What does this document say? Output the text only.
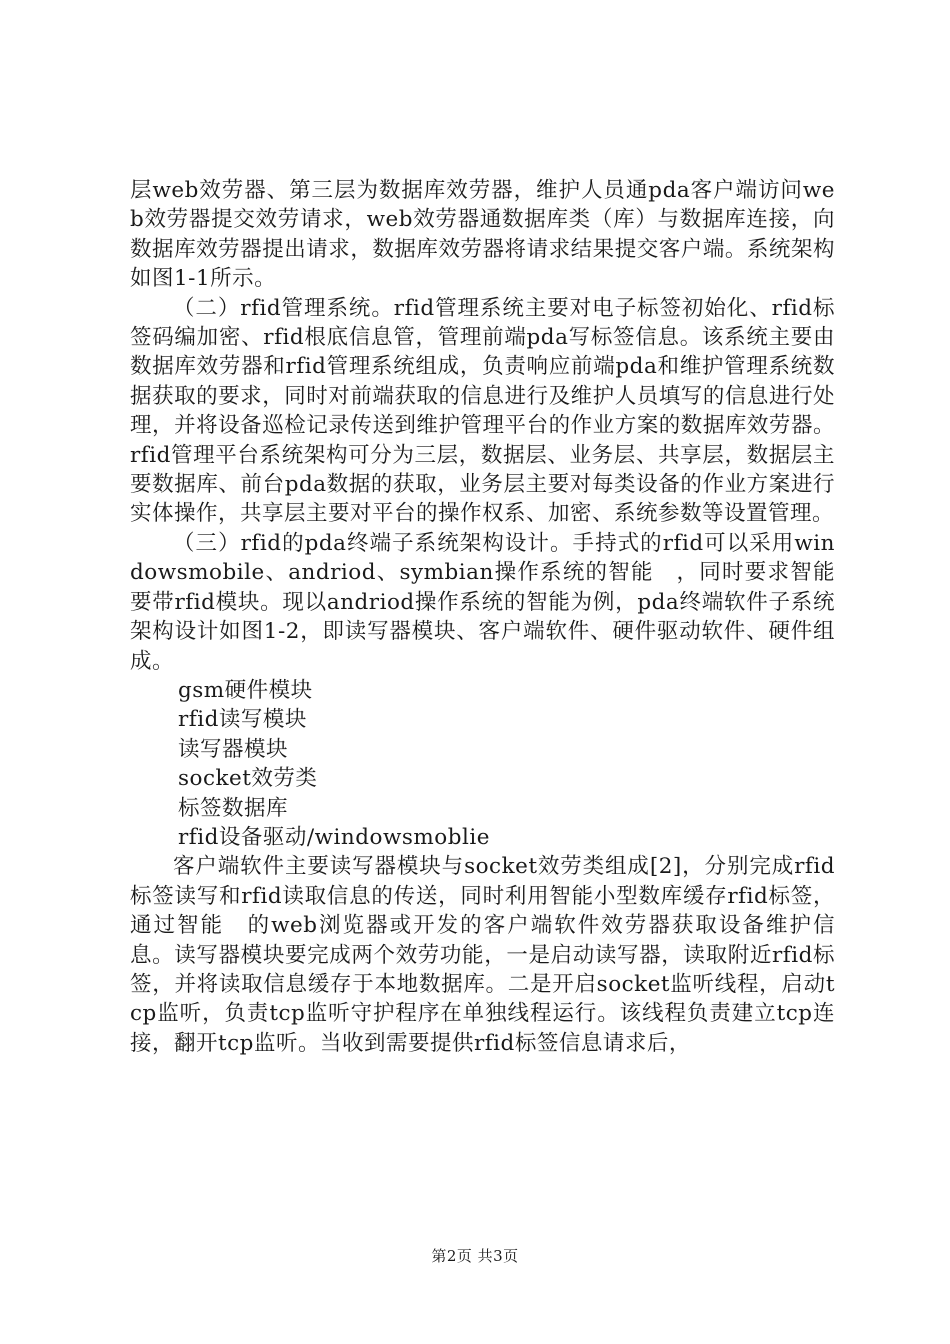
层web效劳器、第三层为数据库效劳器，维护人员通pda客户端访问web效劳器提交效劳请求，web效劳器通数据库类（库）与数据库连接，向数据库效劳器提出请求，数据库效劳器将请求结果提交客户端。系统架构如图1-1所示。

（二）rfid管理系统。rfid管理系统主要对电子标签初始化、rfid标签码编加密、rfid根底信息管，管理前端pda写标签信息。该系统主要由数据库效劳器和rfid管理系统组成，负责响应前端pda和维护管理系统数据获取的要求，同时对前端获取的信息进行及维护人员填写的信息进行处理，并将设备巡检记录传送到维护管理平台的作业方案的数据库效劳器。rfid管理平台系统架构可分为三层，数据层、业务层、共享层，数据层主要数据库、前台pda数据的获取，业务层主要对每类设备的作业方案进行实体操作，共享层主要对平台的操作权系、加密、系统参数等设置管理。

（三）rfid的pda终端子系统架构设计。手持式的rfid可以采用windowsmobile、andriod、symbian操作系统的智能　，同时要求智能　要带rfid模块。现以andriod操作系统的智能为例，pda终端软件子系统架构设计如图1-2，即读写器模块、客户端软件、硬件驱动软件、硬件组成。

gsm硬件模块

rfid读写模块

读写器模块

socket效劳类

标签数据库

rfid设备驱动/windowsmoblie

客户端软件主要读写器模块与socket效劳类组成[2]，分别完成rfid标签读写和rfid读取信息的传送，同时利用智能小型数库缓存rfid标签，通过智能　的web浏览器或开发的客户端软件效劳器获取设备维护信息。读写器模块要完成两个效劳功能，一是启动读写器，读取附近rfid标签，并将读取信息缓存于本地数据库。二是开启socket监听线程，启动tcp监听，负责tcp监听守护程序在单独线程运行。该线程负责建立tcp连接，翻开tcp监听。当收到需要提供rfid标签信息请求后，

第2页 共3页
